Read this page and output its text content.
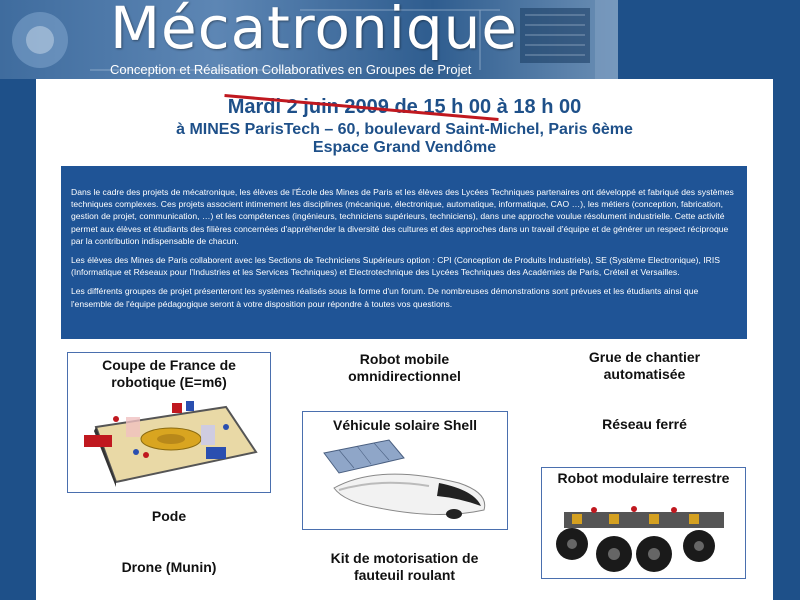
Mécatronique
Conception et Réalisation Collaboratives en Groupes de Projet
Mardi 2 juin 2009
de 15 h 00 à 18 h 00
à MINES ParisTech – 60, boulevard Saint-Michel, Paris 6ème
Espace Grand Vendôme

Dans le cadre des projets de mécatronique, les élèves de l'École des Mines de Paris et les élèves des Lycées Techniques partenaires ont développé et fabriqué des systèmes techniques complexes. Ces projets associent intimement les disciplines (mécanique, électronique, automatique, informatique, CAO …), les métiers (conception, fabrication, gestion de projet, communication, …) et les compétences (ingénieurs, techniciens supérieurs, techniciens), dans une approche voulue résolument industrielle. Cette activité permet aux élèves et étudiants des filières concernées d'appréhender la diversité des cultures et des approches dans un travail d'équipe et de générer un respect réciproque par la contribution indispensable de chacun.

Les élèves des Mines de Paris collaborent avec les Sections de Techniciens Supérieurs option : CPI (Conception de Produits Industriels), SE (Système Electronique), IRIS (Informatique et Réseaux pour l'Industries et les Services Techniques) et Electrotechnique des Lycées Techniques des Académies de Paris, Créteil et Versailles.

Les différents groupes de projet présenteront les systèmes réalisés sous la forme d'un forum. De nombreuses démonstrations sont prévues et les étudiants ainsi que l'ensemble de l'équipe pédagogique seront à votre disposition pour répondre à toutes vos questions.

Coupe de France de robotique (E=m6)
Robot mobile omnidirectionnel
Grue de chantier automatisée
Véhicule solaire Shell	Réseau ferré
Robot modulaire terrestre
Pode
Kit de motorisation de fauteuil roulant
Drone (Munin)
